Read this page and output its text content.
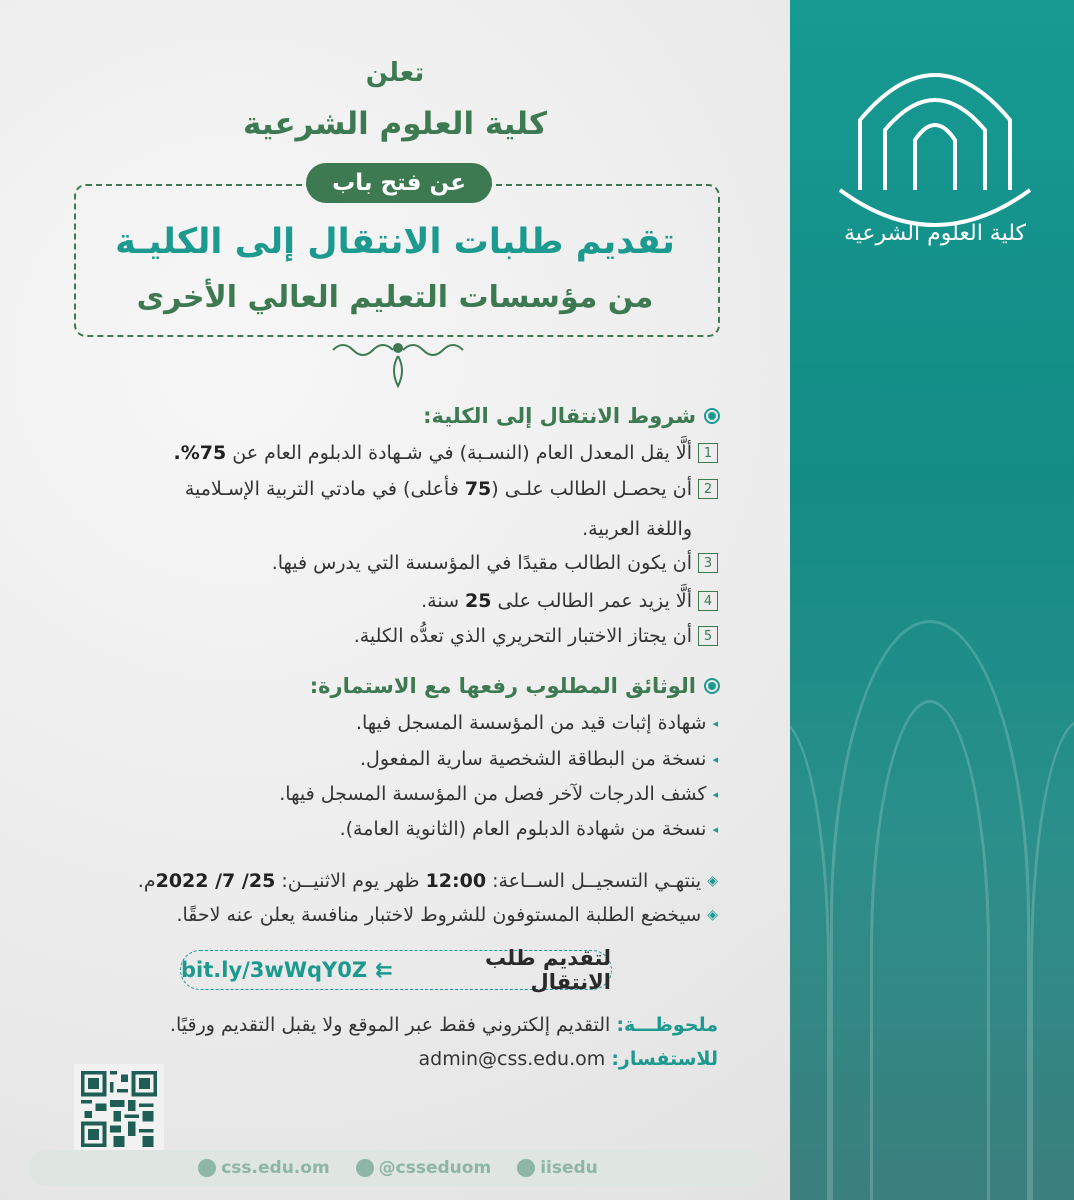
تعلن
كلية العلوم الشرعية
عن فتح باب
تقديم طلبات الانتقال إلى الكليـة
من مؤسسات التعليم العالي الأخرى
شروط الانتقال إلى الكلية:
1
ألَّا يقل المعدل العام (النسـبة) في شـهادة الدبلوم العام عن 75%.
2
أن يحصـل الطالب علـى (75 فأعلى) في مادتي التربية الإسـلامية
واللغة العربية.
3
أن يكون الطالب مقيدًا في المؤسسة التي يدرس فيها.
4
ألَّا يزيد عمر الطالب على 25 سنة.
5
أن يجتاز الاختبار التحريري الذي تعدُّه الكلية.
الوثائق المطلوب رفعها مع الاستمارة:
◂
شهادة إثبات قيد من المؤسسة المسجل فيها.
◂
نسخة من البطاقة الشخصية سارية المفعول.
◂
كشف الدرجات لآخر فصل من المؤسسة المسجل فيها.
◂
نسخة من شهادة الدبلوم العام (الثانوية العامة).
◈
ينتهـي التسجيــل الســاعة: 12:00 ظهر يوم الاثنيــن: 25/ 7/ 2022م.
◈
سيخضع الطلبة المستوفون للشروط لاختبار منافسة يعلن عنه لاحقًا.
لتقديم طلب الانتقال
⇇
bit.ly/3wWqY0Z
ملحوظـــة: التقديم إلكتروني فقط عبر الموقع ولا يقبل التقديم ورقيًا.
للاستفسار: admin@css.edu.om
css.edu.om	@csseduom	iisedu
كلية العلوم الشرعية
